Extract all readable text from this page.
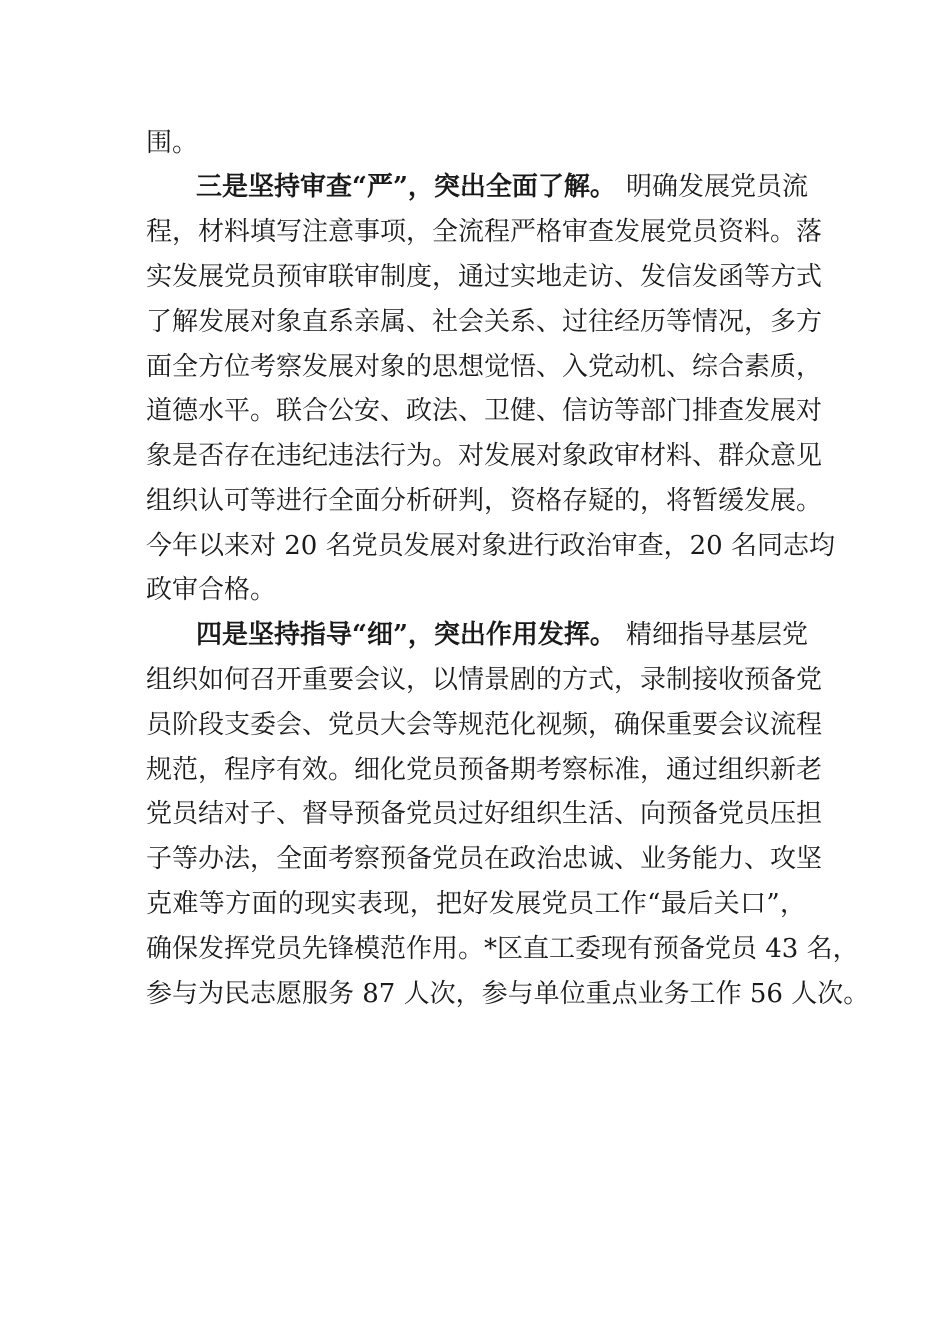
围。
三是坚持审查“严”，突出全面了解。 明确发展党员流
程，材料填写注意事项，全流程严格审查发展党员资料。落
实发展党员预审联审制度，通过实地走访、发信发函等方式
了解发展对象直系亲属、社会关系、过往经历等情况，多方
面全方位考察发展对象的思想觉悟、入党动机、综合素质，
道德水平。联合公安、政法、卫健、信访等部门排查发展对
象是否存在违纪违法行为。对发展对象政审材料、群众意见
组织认可等进行全面分析研判，资格存疑的，将暂缓发展。
今年以来对 20 名党员发展对象进行政治审查，20 名同志均
政审合格。
四是坚持指导“细”，突出作用发挥。 精细指导基层党
组织如何召开重要会议，以情景剧的方式，录制接收预备党
员阶段支委会、党员大会等规范化视频，确保重要会议流程
规范，程序有效。细化党员预备期考察标准，通过组织新老
党员结对子、督导预备党员过好组织生活、向预备党员压担
子等办法，全面考察预备党员在政治忠诚、业务能力、攻坚
克难等方面的现实表现，把好发展党员工作“最后关口”，
确保发挥党员先锋模范作用。*区直工委现有预备党员 43 名，
参与为民志愿服务 87 人次，参与单位重点业务工作 56 人次。
